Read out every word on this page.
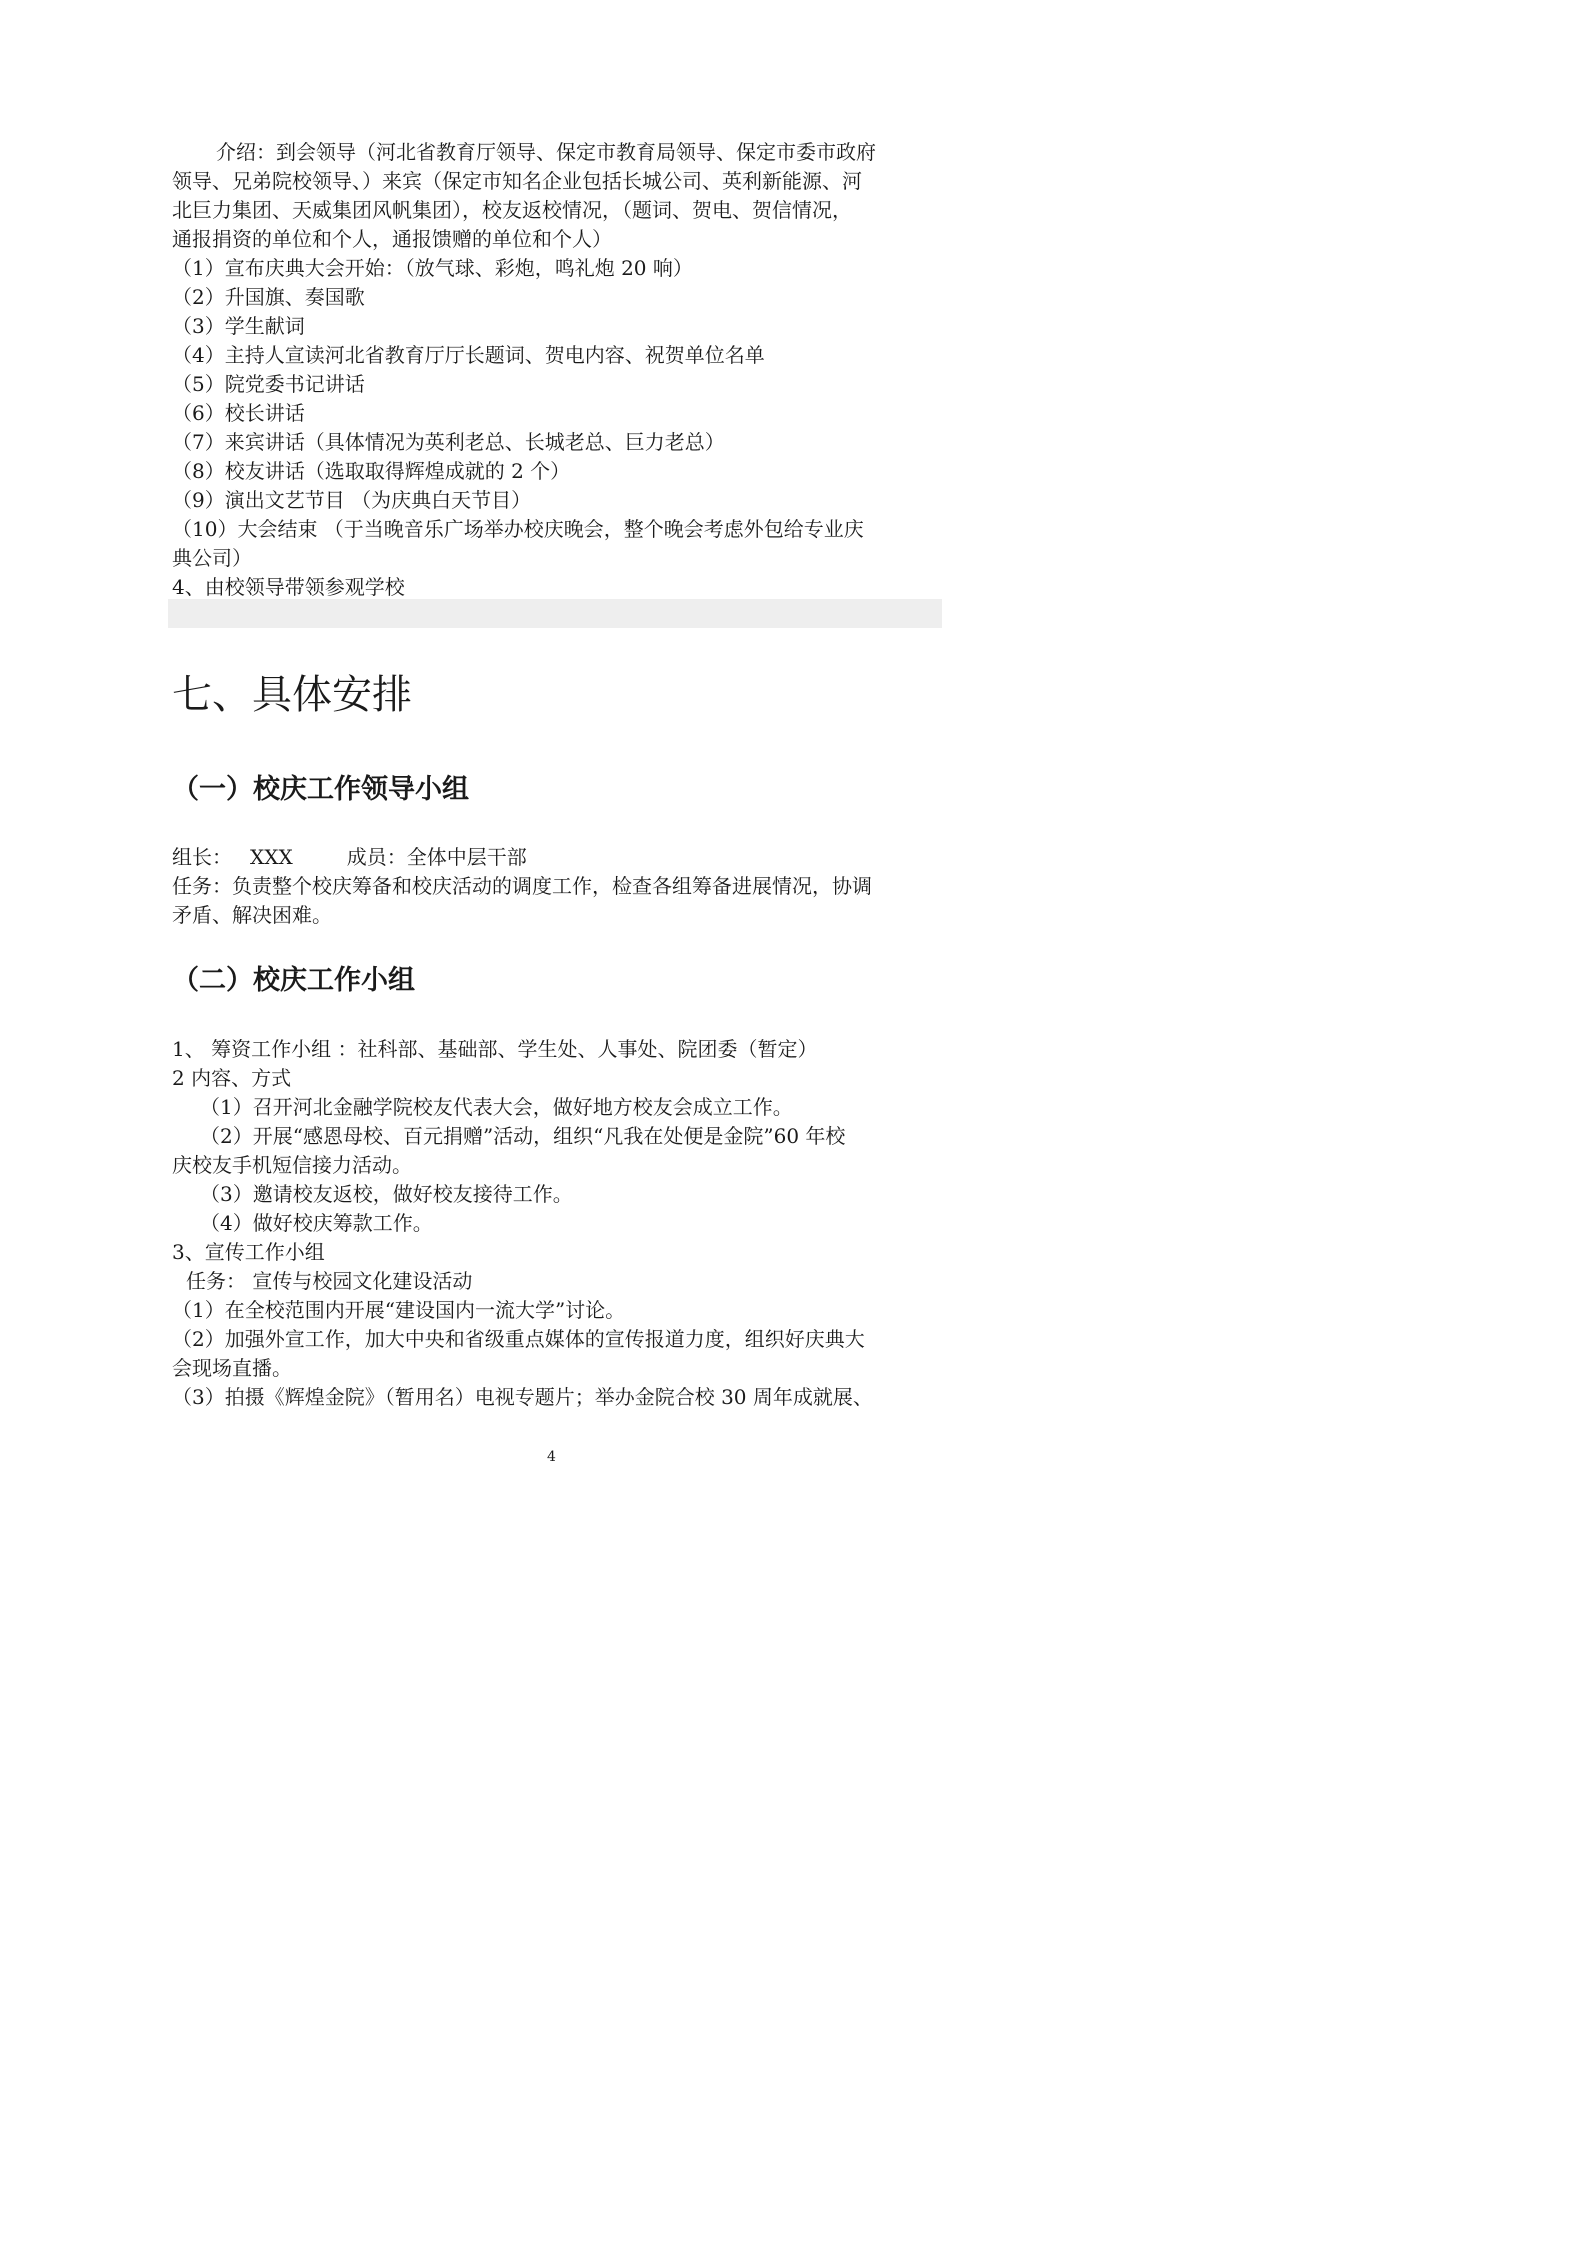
介绍：到会领导（河北省教育厅领导、保定市教育局领导、保定市委市政府
领导、兄弟院校领导、）来宾（保定市知名企业包括长城公司、英利新能源、河
北巨力集团、天威集团风帆集团），校友返校情况，（题词、贺电、贺信情况，
通报捐资的单位和个人，通报馈赠的单位和个人）
（1）宣布庆典大会开始：（放气球、彩炮，鸣礼炮 20 响）
（2）升国旗、奏国歌
（3）学生献词
（4）主持人宣读河北省教育厅厅长题词、贺电内容、祝贺单位名单
（5）院党委书记讲话
（6）校长讲话
（7）来宾讲话（具体情况为英利老总、长城老总、巨力老总）
（8）校友讲话（选取取得辉煌成就的 2 个）
（9）演出文艺节目 （为庆典白天节目）
（10）大会结束 （于当晚音乐广场举办校庆晚会，整个晚会考虑外包给专业庆
典公司）
4、由校领导带领参观学校
七、具体安排
（一）校庆工作领导小组
组长： XXX	成员：全体中层干部
任务：负责整个校庆筹备和校庆活动的调度工作，检查各组筹备进展情况，协调
矛盾、解决困难。
（二）校庆工作小组
1、 筹资工作小组 ：社科部、基础部、学生处、人事处、院团委（暂定）
2 内容、方式
（1）召开河北金融学院校友代表大会，做好地方校友会成立工作。
（2）开展“感恩母校、百元捐赠”活动，组织“凡我在处便是金院”60 年校
庆校友手机短信接力活动。
（3）邀请校友返校，做好校友接待工作。
（4）做好校庆筹款工作。
3、宣传工作小组
任务： 宣传与校园文化建设活动
（1）在全校范围内开展“建设国内一流大学”讨论。
（2）加强外宣工作，加大中央和省级重点媒体的宣传报道力度，组织好庆典大
会现场直播。
（3）拍摄《辉煌金院》（暂用名）电视专题片；举办金院合校 30 周年成就展、
4
